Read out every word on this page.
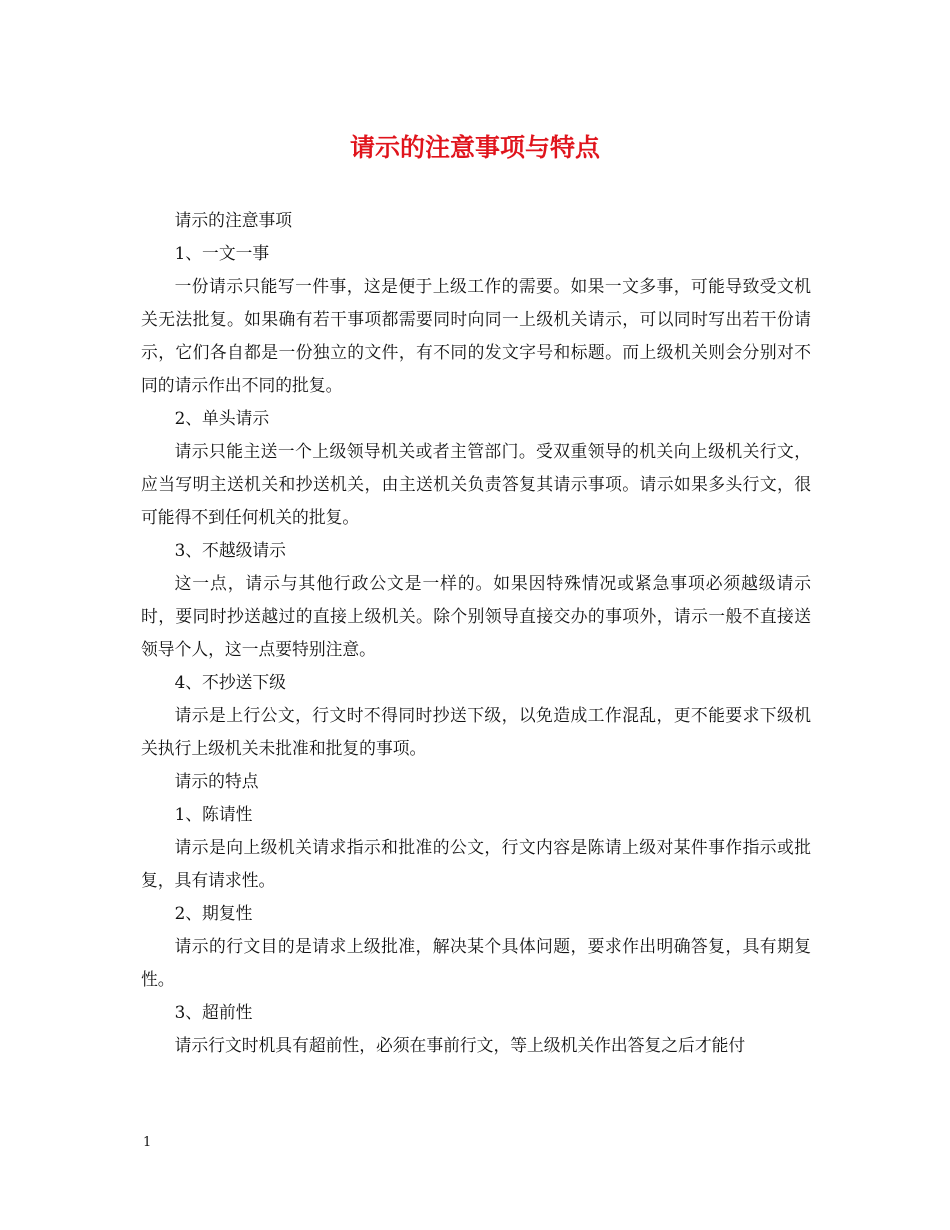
请示的注意事项与特点

请示的注意事项

1、一文一事

一份请示只能写一件事，这是便于上级工作的需要。如果一文多事，可能导致受文机关无法批复。如果确有若干事项都需要同时向同一上级机关请示，可以同时写出若干份请示，它们各自都是一份独立的文件，有不同的发文字号和标题。而上级机关则会分别对不同的请示作出不同的批复。

2、单头请示

请示只能主送一个上级领导机关或者主管部门。受双重领导的机关向上级机关行文，应当写明主送机关和抄送机关，由主送机关负责答复其请示事项。请示如果多头行文，很可能得不到任何机关的批复。

3、不越级请示

这一点，请示与其他行政公文是一样的。如果因特殊情况或紧急事项必须越级请示时，要同时抄送越过的直接上级机关。除个别领导直接交办的事项外，请示一般不直接送领导个人，这一点要特别注意。

4、不抄送下级

请示是上行公文，行文时不得同时抄送下级，以免造成工作混乱，更不能要求下级机关执行上级机关未批准和批复的事项。

请示的特点

1、陈请性

请示是向上级机关请求指示和批准的公文，行文内容是陈请上级对某件事作指示或批复，具有请求性。

2、期复性

请示的行文目的是请求上级批准，解决某个具体问题，要求作出明确答复，具有期复性。

3、超前性

请示行文时机具有超前性，必须在事前行文，等上级机关作出答复之后才能付

1
